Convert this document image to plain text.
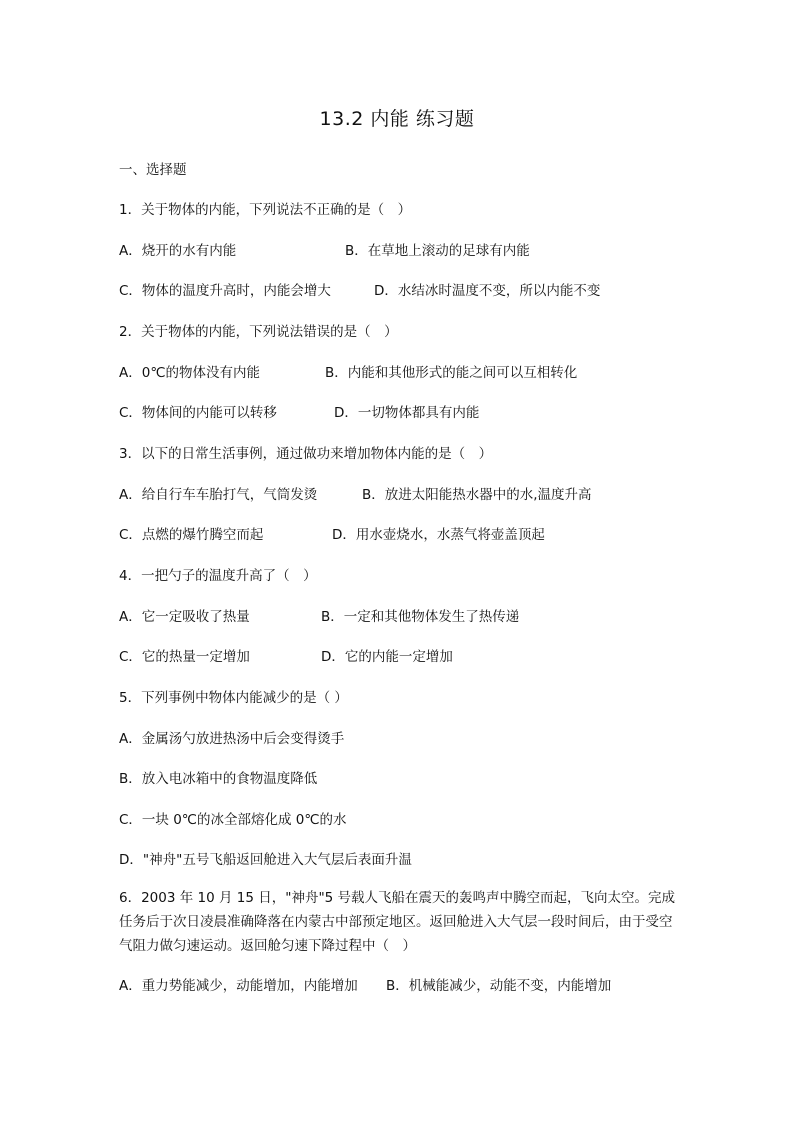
13.2 内能 练习题
一、选择题
1．关于物体的内能，下列说法不正确的是（　）
A．烧开的水有内能	B．在草地上滚动的足球有内能
C．物体的温度升高时，内能会增大	D．水结冰时温度不变，所以内能不变
2．关于物体的内能，下列说法错误的是（　）
A．0℃的物体没有内能	B．内能和其他形式的能之间可以互相转化
C．物体间的内能可以转移	D．一切物体都具有内能
3．以下的日常生活事例，通过做功来增加物体内能的是（　）
A．给自行车车胎打气，气筒发烫	B．放进太阳能热水器中的水,温度升高
C．点燃的爆竹腾空而起	D．用水壶烧水，水蒸气将壶盖顶起
4．一把勺子的温度升高了（　）
A．它一定吸收了热量	B．一定和其他物体发生了热传递
C．它的热量一定增加	D．它的内能一定增加
5．下列事例中物体内能减少的是（ ）
A．金属汤勺放进热汤中后会变得烫手
B．放入电冰箱中的食物温度降低
C．一块 0℃的冰全部熔化成 0℃的水
D．"神舟"五号飞船返回舱进入大气层后表面升温
6．2003 年 10 月 15 日，"神舟"5 号载人飞船在震天的轰鸣声中腾空而起，飞向太空。完成任务后于次日凌晨准确降落在内蒙古中部预定地区。返回舱进入大气层一段时间后，由于受空气阻力做匀速运动。返回舱匀速下降过程中（　）
A．重力势能减少，动能增加，内能增加 B．机械能减少，动能不变，内能增加
